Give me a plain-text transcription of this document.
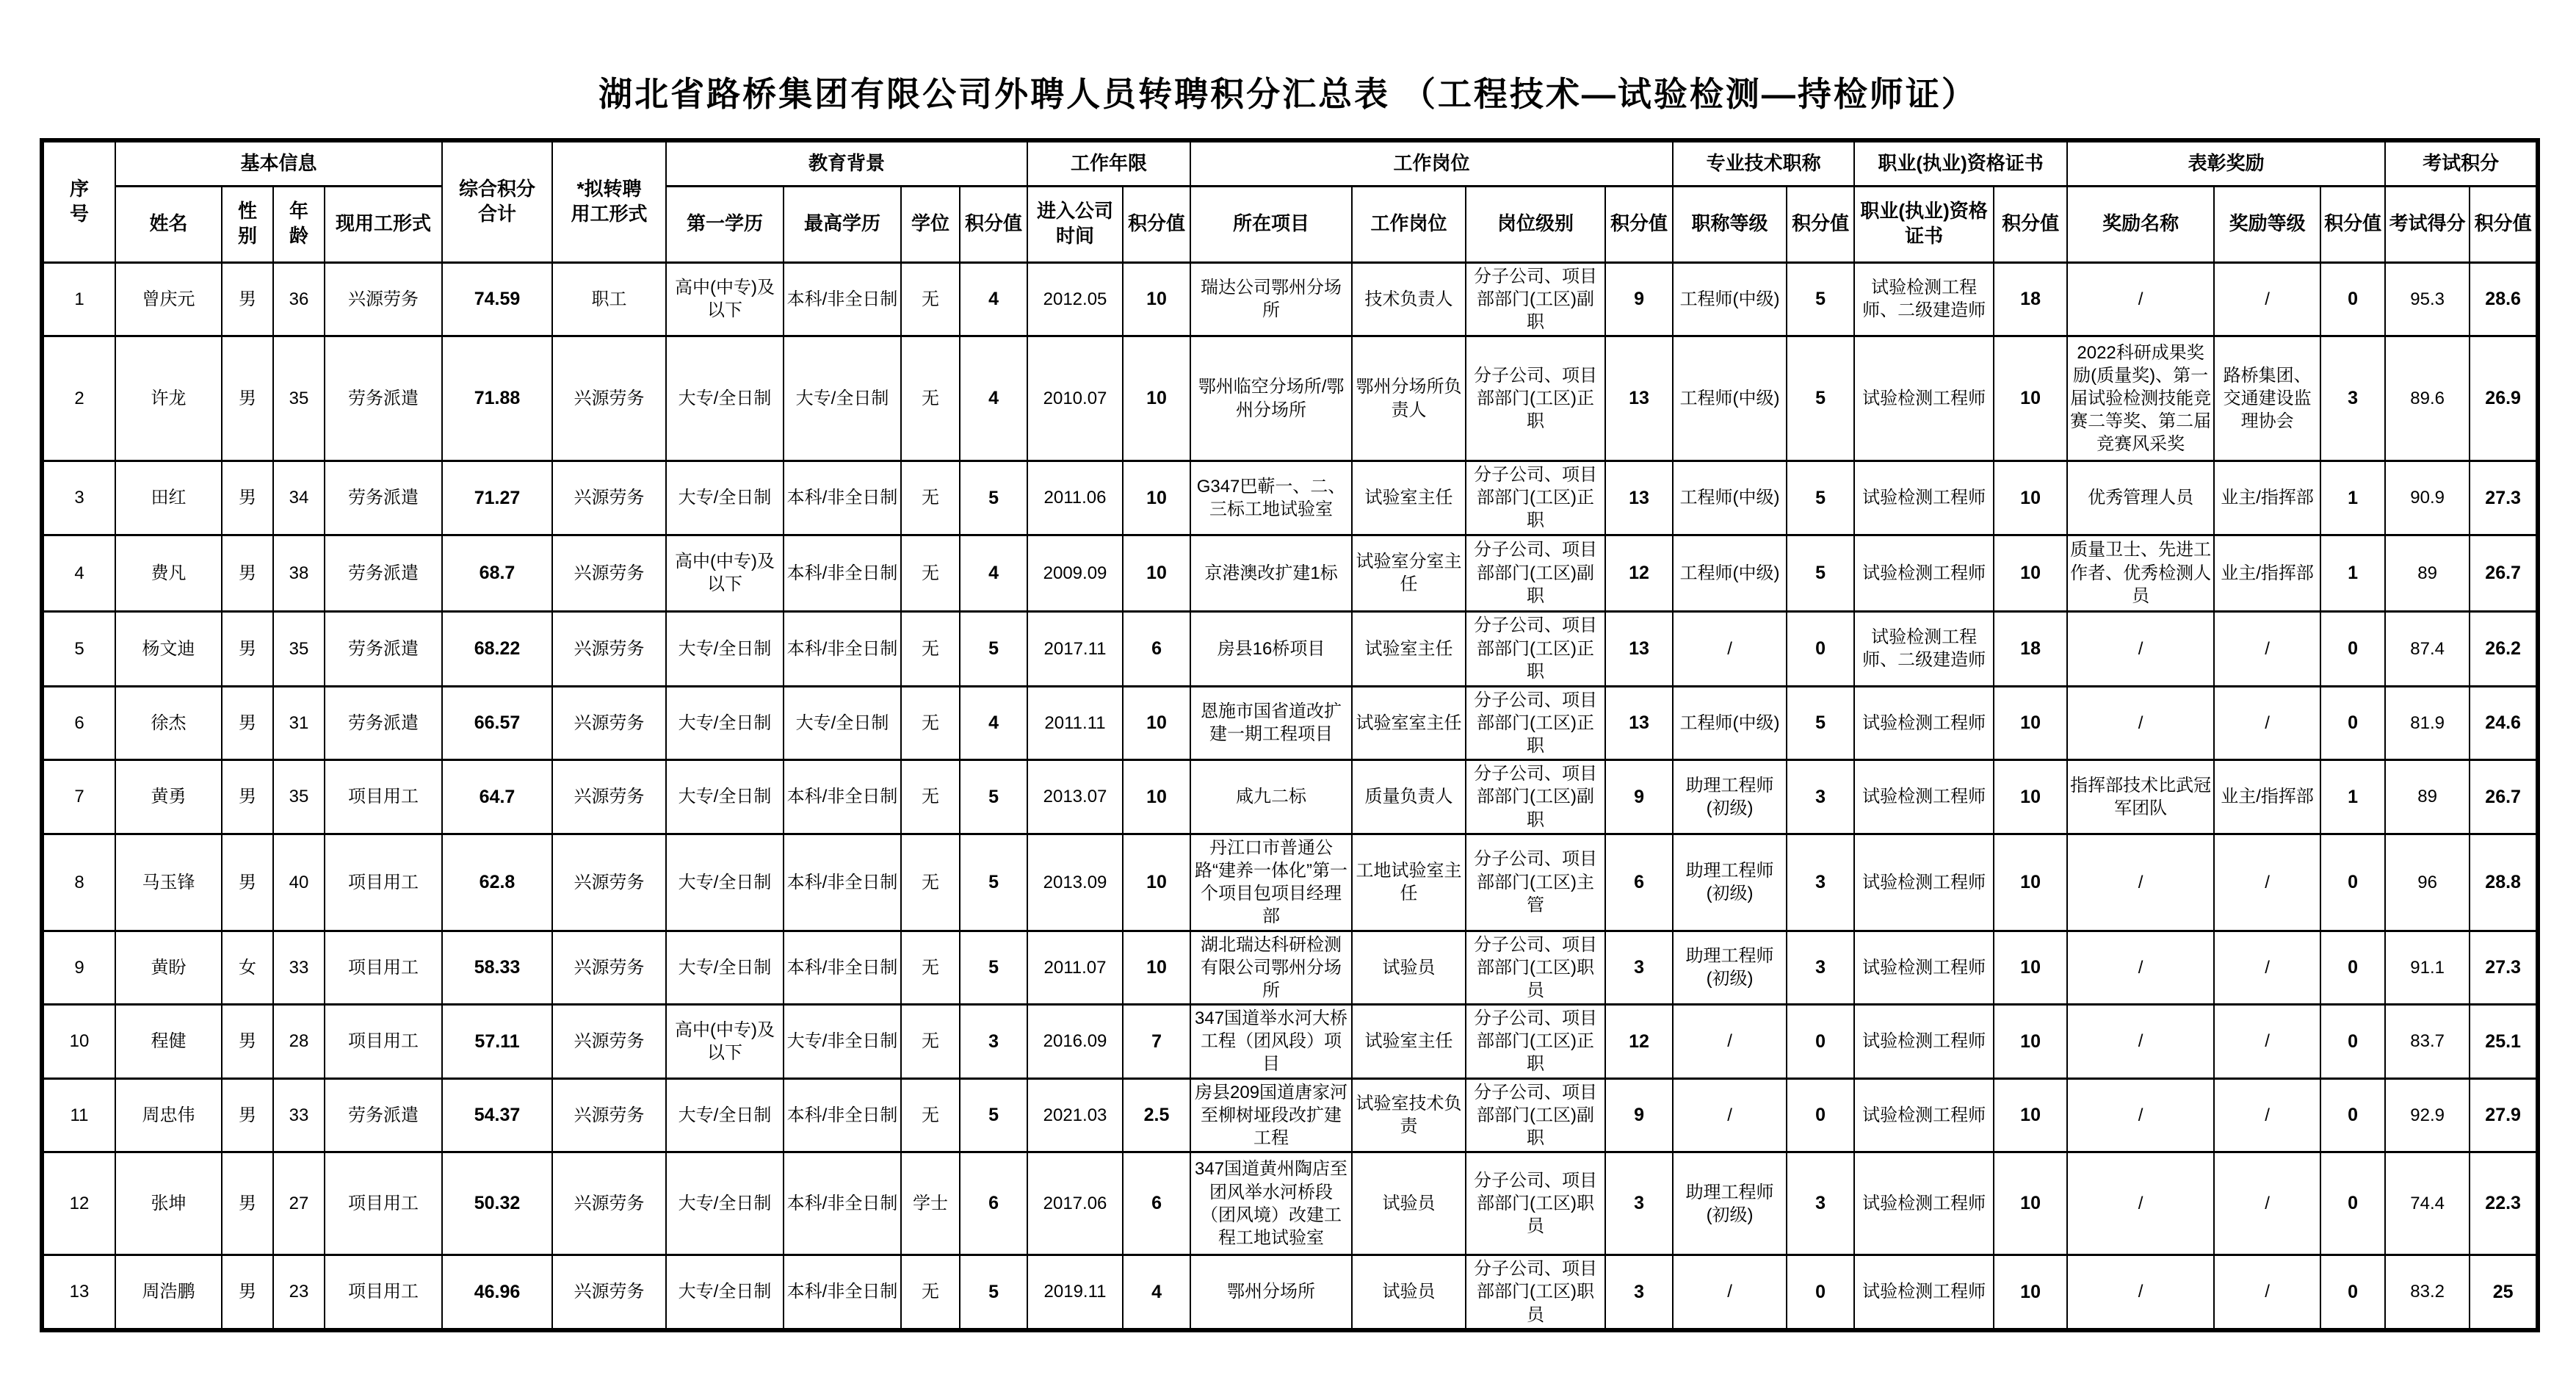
湖北省路桥集团有限公司外聘人员转聘积分汇总表 （工程技术—试验检测—持检师证）
序号	基本信息				综合积分合计	*拟转聘用工形式	教育背景				工作年限		工作岗位				专业技术职称		职业(执业)资格证书		表彰奖励			考试积分	
	姓名	性别	年龄	现用工形式			第一学历	最高学历	学位	积分值	进入公司时间	积分值	所在项目	工作岗位	岗位级别	积分值	职称等级	积分值	职业(执业)资格证书	积分值	奖励名称	奖励等级	积分值	考试得分	积分值
1	曾庆元	男	36	兴源劳务	74.59	职工	高中(中专)及以下	本科/非全日制	无	4	2012.05	10	瑞达公司鄂州分场所	技术负责人	分子公司、项目部部门(工区)副职	9	工程师(中级)	5	试验检测工程师、二级建造师	18	/	/	0	95.3	28.6
2	许龙	男	35	劳务派遣	71.88	兴源劳务	大专/全日制	大专/全日制	无	4	2010.07	10	鄂州临空分场所/鄂州分场所	鄂州分场所负责人	分子公司、项目部部门(工区)正职	13	工程师(中级)	5	试验检测工程师	10	2022科研成果奖励(质量奖)、第一届试验检测技能竞赛二等奖、第二届竞赛风采奖	路桥集团、交通建设监理协会	3	89.6	26.9
3	田红	男	34	劳务派遣	71.27	兴源劳务	大专/全日制	本科/非全日制	无	5	2011.06	10	G347巴蕲一、二、三标工地试验室	试验室主任	分子公司、项目部部门(工区)正职	13	工程师(中级)	5	试验检测工程师	10	优秀管理人员	业主/指挥部	1	90.9	27.3
4	费凡	男	38	劳务派遣	68.7	兴源劳务	高中(中专)及以下	本科/非全日制	无	4	2009.09	10	京港澳改扩建1标	试验室分室主任	分子公司、项目部部门(工区)副职	12	工程师(中级)	5	试验检测工程师	10	质量卫士、先进工作者、优秀检测人员	业主/指挥部	1	89	26.7
5	杨文迪	男	35	劳务派遣	68.22	兴源劳务	大专/全日制	本科/非全日制	无	5	2017.11	6	房县16桥项目	试验室主任	分子公司、项目部部门(工区)正职	13	/	0	试验检测工程师、二级建造师	18	/	/	0	87.4	26.2
6	徐杰	男	31	劳务派遣	66.57	兴源劳务	大专/全日制	大专/全日制	无	4	2011.11	10	恩施市国省道改扩建一期工程项目	试验室室主任	分子公司、项目部部门(工区)正职	13	工程师(中级)	5	试验检测工程师	10	/	/	0	81.9	24.6
7	黄勇	男	35	项目用工	64.7	兴源劳务	大专/全日制	本科/非全日制	无	5	2013.07	10	咸九二标	质量负责人	分子公司、项目部部门(工区)副职	9	助理工程师(初级)	3	试验检测工程师	10	指挥部技术比武冠军团队	业主/指挥部	1	89	26.7
8	马玉锋	男	40	项目用工	62.8	兴源劳务	大专/全日制	本科/非全日制	无	5	2013.09	10	丹江口市普通公路“建养一体化”第一个项目包项目经理部	工地试验室主任	分子公司、项目部部门(工区)主管	6	助理工程师(初级)	3	试验检测工程师	10	/	/	0	96	28.8
9	黄盼	女	33	项目用工	58.33	兴源劳务	大专/全日制	本科/非全日制	无	5	2011.07	10	湖北瑞达科研检测有限公司鄂州分场所	试验员	分子公司、项目部部门(工区)职员	3	助理工程师(初级)	3	试验检测工程师	10	/	/	0	91.1	27.3
10	程健	男	28	项目用工	57.11	兴源劳务	高中(中专)及以下	大专/非全日制	无	3	2016.09	7	347国道举水河大桥工程（团风段）项目	试验室主任	分子公司、项目部部门(工区)正职	12	/	0	试验检测工程师	10	/	/	0	83.7	25.1
11	周忠伟	男	33	劳务派遣	54.37	兴源劳务	大专/全日制	本科/非全日制	无	5	2021.03	2.5	房县209国道唐家河至柳树垭段改扩建工程	试验室技术负责	分子公司、项目部部门(工区)副职	9	/	0	试验检测工程师	10	/	/	0	92.9	27.9
12	张坤	男	27	项目用工	50.32	兴源劳务	大专/全日制	本科/非全日制	学士	6	2017.06	6	347国道黄州陶店至团风举水河桥段（团风境）改建工程工地试验室	试验员	分子公司、项目部部门(工区)职员	3	助理工程师(初级)	3	试验检测工程师	10	/	/	0	74.4	22.3
13	周浩鹏	男	23	项目用工	46.96	兴源劳务	大专/全日制	本科/非全日制	无	5	2019.11	4	鄂州分场所	试验员	分子公司、项目部部门(工区)职员	3	/	0	试验检测工程师	10	/	/	0	83.2	25
